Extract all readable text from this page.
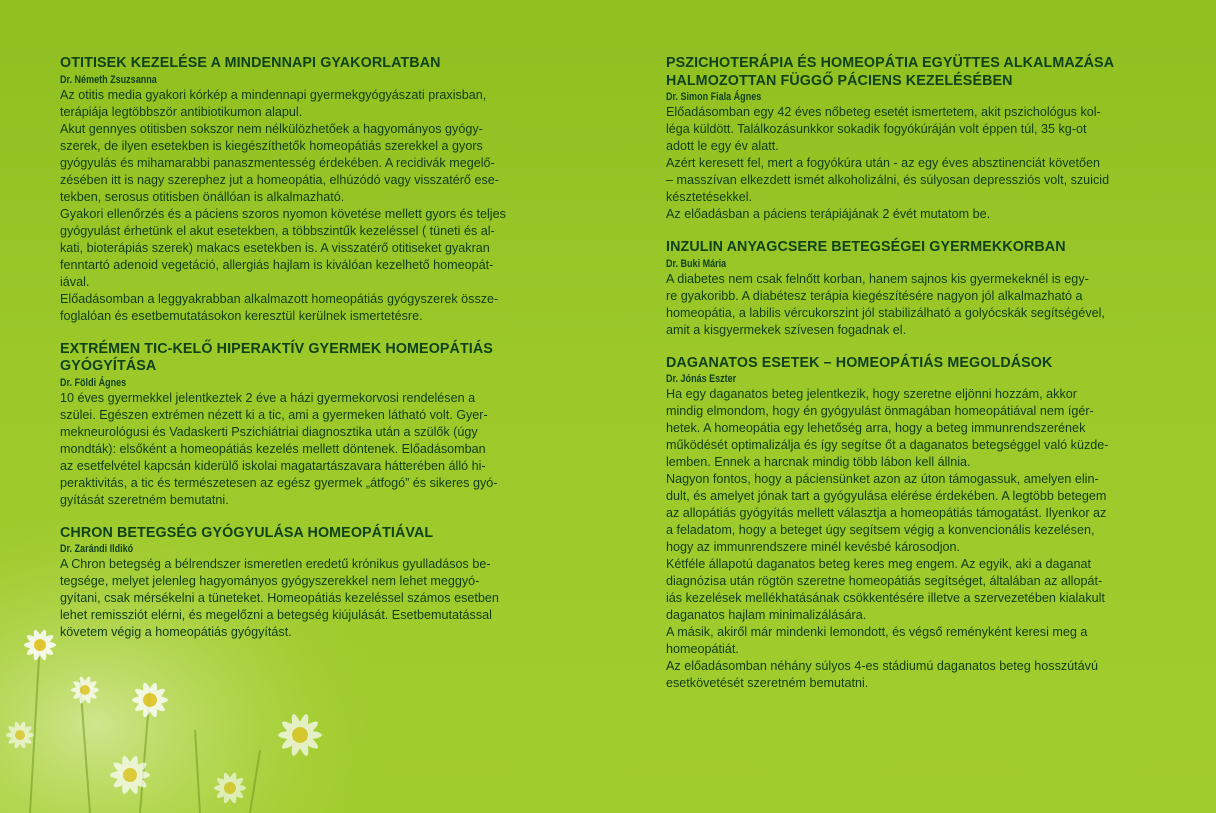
OTITISEK KEZELÉSE A MINDENNAPI GYAKORLATBAN
Dr. Németh Zsuzsanna
Az otitis media gyakori kórkép a mindennapi gyermekgyógyászati praxisban,
terápiája legtöbbször antibiotikumon alapul.
Akut gennyes otitisben sokszor nem nélkülözhetőek a hagyományos gyógy-
szerek, de ilyen esetekben is kiegészíthetők homeopátiás szerekkel a gyors
gyógyulás és mihamarabbi panaszmentesség érdekében. A recidivák megelő-
zésében itt is nagy szerephez jut a homeopátia, elhúzódó vagy visszatérő ese-
tekben, serosus otitisben önállóan is alkalmazható.
Gyakori ellenőrzés és a páciens szoros nyomon követése mellett gyors és teljes
gyógyulást érhetünk el akut esetekben, a többszintűk kezeléssel ( tüneti és al-
kati, bioterápiás szerek) makacs esetekben is. A visszatérő otitiseket gyakran
fenntartó adenoid vegetáció, allergiás hajlam is kiválóan kezelhető homeopát-
iával.
Előadásomban a leggyakrabban alkalmazott homeopátiás gyógyszerek össze-
foglalóan és esetbemutatásokon keresztül kerülnek ismertetésre.
EXTRÉMEN TIC-KELŐ HIPERAKTÍV GYERMEK HOMEOPÁTIÁS
GYÓGYÍTÁSA
Dr. Földi Ágnes
10 éves gyermekkel jelentkeztek 2 éve a házi gyermekorvosi rendelésen a
szülei. Egészen extrémen nézett ki a tic, ami a gyermeken látható volt. Gyer-
mekneurológusi és Vadaskerti Pszichiátriai diagnosztika után a szülők (úgy
mondták): elsőként a homeopátiás kezelés mellett döntenek. Előadásomban
az esetfelvétel kapcsán kiderülő iskolai magatartászavara hátterében álló hi-
peraktivitás, a tic és természetesen az egész gyermek „átfogó” és sikeres gyó-
gyítását szeretném bemutatni.
CHRON BETEGSÉG GYÓGYULÁSA HOMEOPÁTIÁVAL
Dr. Zarándi Ildikó
A Chron betegség a bélrendszer ismeretlen eredetű krónikus gyulladásos be-
tegsége, melyet jelenleg hagyományos gyógyszerekkel nem lehet meggyó-
gyítani, csak mérsékelni a tüneteket. Homeopátiás kezeléssel számos esetben
lehet remissziót elérni, és megelőzni a betegség kiújulását. Esetbemutatással
követem végig a homeopátiás gyógyítást.
PSZICHOTERÁPIA ÉS HOMEOPÁTIA EGYÜTTES ALKALMAZÁSA
HALMOZOTTAN FÜGGŐ PÁCIENS KEZELÉSÉBEN
Dr. Simon Fiala Ágnes
Előadásomban egy 42 éves nőbeteg esetét ismertetem, akit pszichológus kol-
léga küldött. Találkozásunkkor sokadik fogyókúráján volt éppen túl, 35 kg-ot
adott le egy év alatt.
Azért keresett fel, mert a fogyókúra után - az egy éves absztinenciát követően
– masszívan elkezdett ismét alkoholizálni, és súlyosan depressziós volt, szuicid
késztetésekkel.
Az előadásban a páciens terápiájának 2 évét mutatom be.
INZULIN ANYAGCSERE BETEGSÉGEI GYERMEKKORBAN
Dr. Buki Mária
A diabetes nem csak felnőtt korban, hanem sajnos kis gyermekeknél is egy-
re gyakoribb. A diabétesz terápia kiegészítésére nagyon jól alkalmazható a
homeopátia, a labilis vércukorszint jól stabilizálható a golyócskák segítségével,
amit a kisgyermekek szívesen fogadnak el.
DAGANATOS ESETEK – HOMEOPÁTIÁS MEGOLDÁSOK
Dr. Jónás Eszter
Ha egy daganatos beteg jelentkezik, hogy szeretne eljönni hozzám, akkor
mindig elmondom, hogy én gyógyulást önmagában homeopátiával nem ígér-
hetek. A homeopátia egy lehetőség arra, hogy a beteg immunrendszerének
működését optimalizálja és így segítse őt a daganatos betegséggel való küzde-
lemben. Ennek a harcnak mindig több lábon kell állnia.
Nagyon fontos, hogy a páciensünket azon az úton támogassuk, amelyen elin-
dult, és amelyet jónak tart a gyógyulása elérése érdekében. A legtöbb betegem
az allopátiás gyógyítás mellett választja a homeopátiás támogatást. Ilyenkor az
a feladatom, hogy a beteget úgy segítsem végig a konvencionális kezelésen,
hogy az immunrendszere minél kevésbé károsodjon.
Kétféle állapotú daganatos beteg keres meg engem. Az egyik, aki a daganat
diagnózisa után rögtön szeretne homeopátiás segítséget, általában az allopát-
iás kezelések mellékhatásának csökkentésére illetve a szervezetében kialakult
daganatos hajlam minimalizálására.
A másik, akiről már mindenki lemondott, és végső reményként keresi meg a
homeopátiát.
Az előadásomban néhány súlyos 4-es stádiumú daganatos beteg hosszútávú
esetkövetését szeretném bemutatni.
